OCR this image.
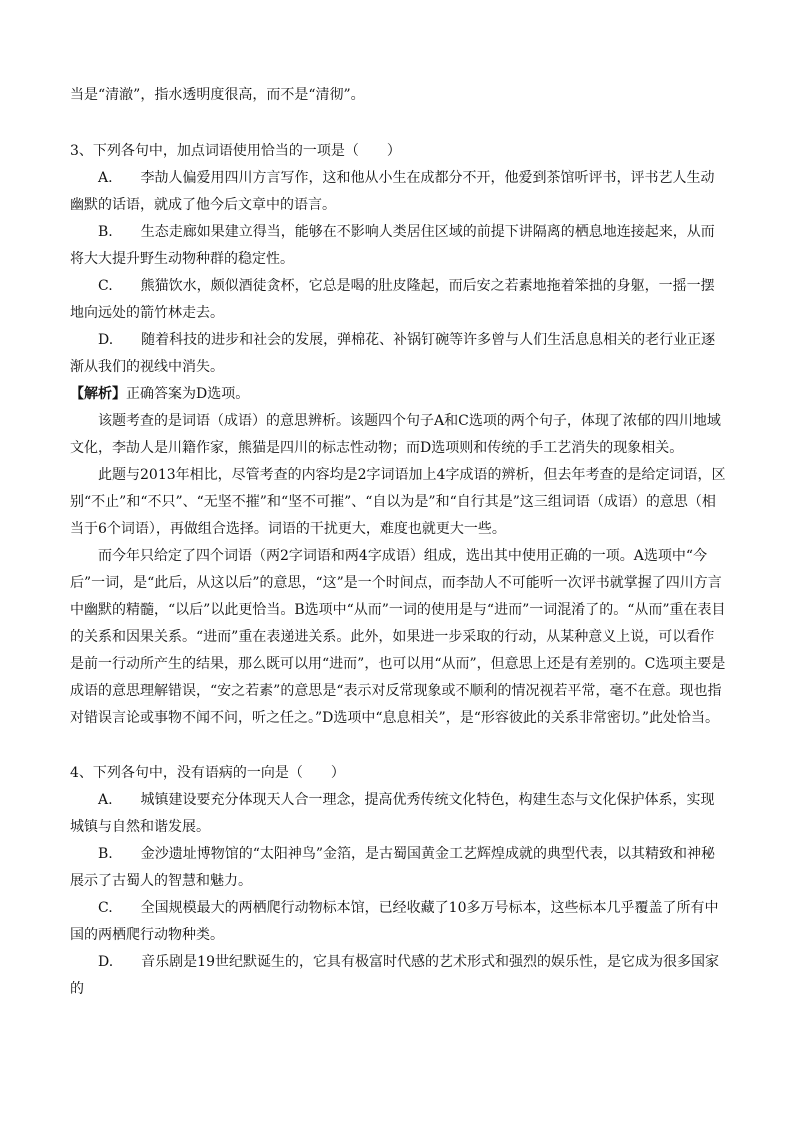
当是“清澈”，指水透明度很高，而不是“清彻”。

3、下列各句中，加点词语使用恰当的一项是（　　）

A.　　李劼人偏爱用四川方言写作，这和他从小生在成都分不开，他爱到茶馆听评书，评书艺人生动幽默的话语，就成了他今后文章中的语言。

B.　　生态走廊如果建立得当，能够在不影响人类居住区域的前提下讲隔离的栖息地连接起来，从而将大大提升野生动物种群的稳定性。

C.　　熊猫饮水，颇似酒徒贪杯，它总是喝的肚皮隆起，而后安之若素地拖着笨拙的身躯，一摇一摆地向远处的箭竹林走去。

D.　　随着科技的进步和社会的发展，弹棉花、补锅钉碗等许多曾与人们生活息息相关的老行业正逐渐从我们的视线中消失。

【解析】正确答案为D选项。

该题考查的是词语（成语）的意思辨析。该题四个句子A和C选项的两个句子，体现了浓郁的四川地域文化，李劼人是川籍作家，熊猫是四川的标志性动物；而D选项则和传统的手工艺消失的现象相关。

此题与2013年相比，尽管考查的内容均是2字词语加上4字成语的辨析，但去年考查的是给定词语，区别“不止”和“不只”、“无坚不摧”和“坚不可摧”、“自以为是”和“自行其是”这三组词语（成语）的意思（相当于6个词语），再做组合选择。词语的干扰更大，难度也就更大一些。

而今年只给定了四个词语（两2字词语和两4字成语）组成，选出其中使用正确的一项。A选项中“今后”一词，是“此后，从这以后”的意思，“这”是一个时间点，而李劼人不可能听一次评书就掌握了四川方言中幽默的精髓，“以后”以此更恰当。B选项中“从而”一词的使用是与“进而”一词混淆了的。“从而”重在表目的关系和因果关系。“进而”重在表递进关系。此外，如果进一步采取的行动，从某种意义上说，可以看作是前一行动所产生的结果，那么既可以用“进而”，也可以用“从而”，但意思上还是有差别的。C选项主要是成语的意思理解错误，“安之若素”的意思是“表示对反常现象或不顺利的情况视若平常，毫不在意。现也指对错误言论或事物不闻不问，听之任之。”D选项中“息息相关”，是“形容彼此的关系非常密切。”此处恰当。

4、下列各句中，没有语病的一向是（　　）

A.　　城镇建设要充分体现天人合一理念，提高优秀传统文化特色，构建生态与文化保护体系，实现城镇与自然和谐发展。

B.　　金沙遗址博物馆的“太阳神鸟”金箔，是古蜀国黄金工艺辉煌成就的典型代表，以其精致和神秘展示了古蜀人的智慧和魅力。

C.　　全国规模最大的两栖爬行动物标本馆，已经收藏了10多万号标本，这些标本几乎覆盖了所有中国的两栖爬行动物种类。

D.　　音乐剧是19世纪默诞生的，它具有极富时代感的艺术形式和强烈的娱乐性，是它成为很多国家的
